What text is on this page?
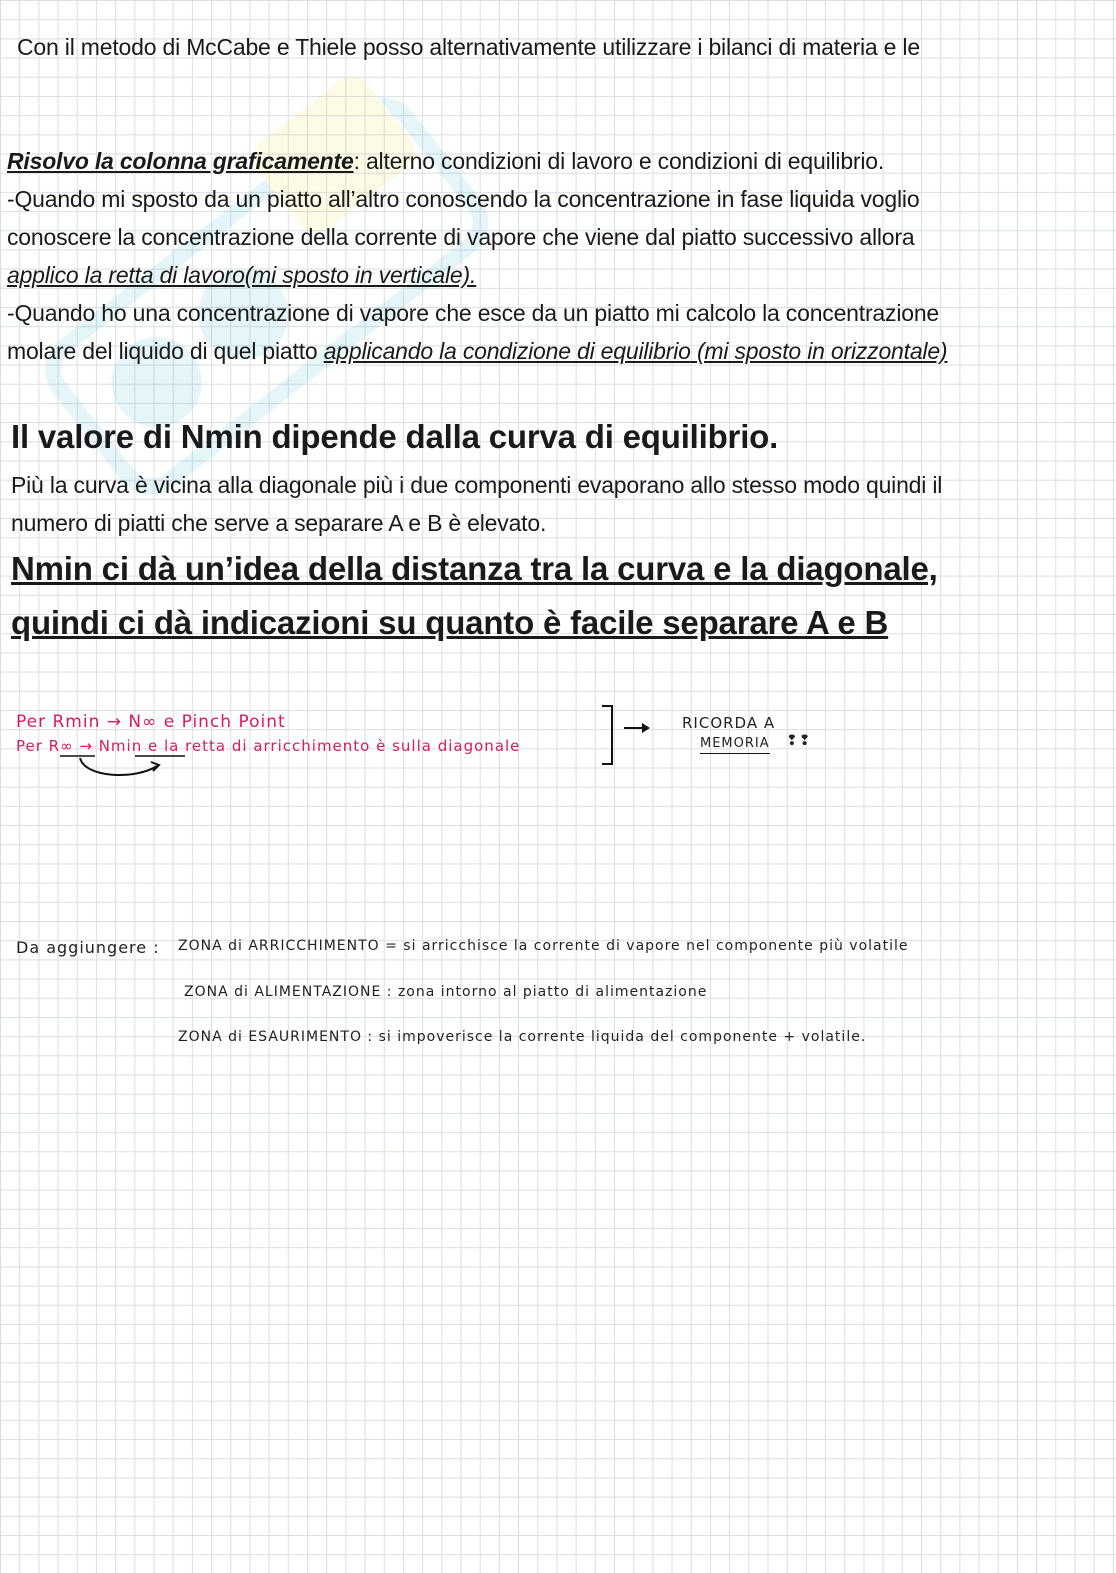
Con il metodo di McCabe e Thiele posso alternativamente utilizzare i bilanci di materia e le
Risolvo la colonna graficamente: alterno condizioni di lavoro e condizioni di equilibrio.
-Quando mi sposto da un piatto all’altro conoscendo la concentrazione in fase liquida voglio
conoscere la concentrazione della corrente di vapore che viene dal piatto successivo allora
applico la retta di lavoro(mi sposto in verticale).
-Quando ho una concentrazione di vapore che esce da un piatto mi calcolo la concentrazione
molare del liquido di quel piatto applicando la condizione di equilibrio (mi sposto in orizzontale)
Il valore di Nmin dipende dalla curva di equilibrio.
Più la curva è vicina alla diagonale più i due componenti evaporano allo stesso modo quindi il
numero di piatti che serve a separare A e B è elevato.
Nmin ci dà un’idea della distanza tra la curva e la diagonale,
quindi ci dà indicazioni su quanto è facile separare A e B
Per Rmin → N∞ e Pinch Point
Per R∞ → Nmin e la retta di arricchimento è sulla diagonale
RICORDA A
MEMORIA ❢❢
Da aggiungere : ZONA di ARRICCHIMENTO = si arricchisce la corrente di vapore nel componente più volatile
ZONA di ALIMENTAZIONE : zona intorno al piatto di alimentazione
ZONA di ESAURIMENTO : si impoverisce la corrente liquida del componente + volatile.
